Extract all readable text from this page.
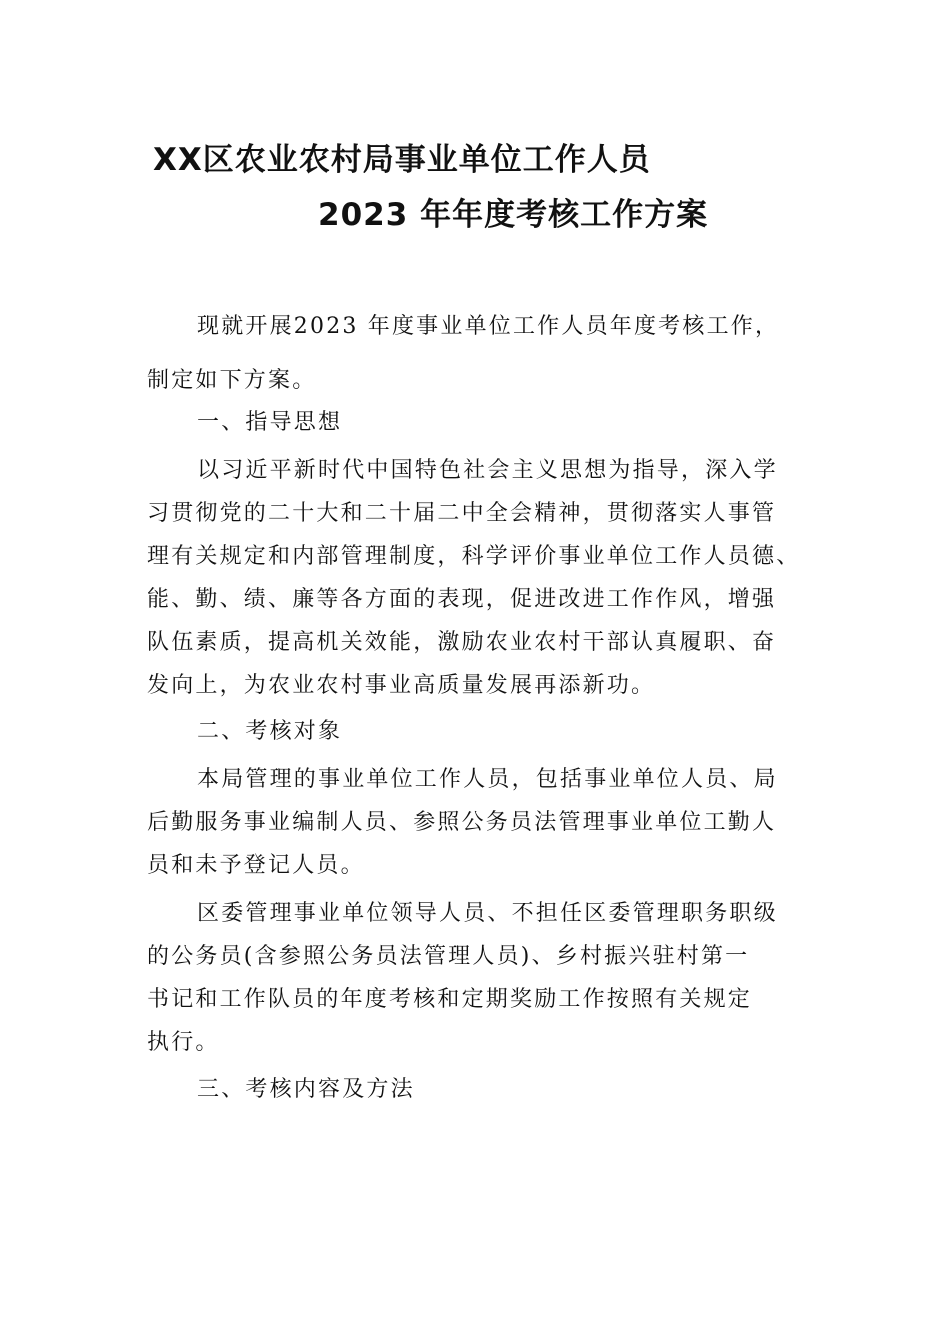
XX区农业农村局事业单位工作人员
2023 年年度考核工作方案
现就开展2023 年度事业单位工作人员年度考核工作，
制定如下方案。
一、指导思想
以习近平新时代中国特色社会主义思想为指导，深入学
习贯彻党的二十大和二十届二中全会精神，贯彻落实人事管
理有关规定和内部管理制度，科学评价事业单位工作人员德、
能、勤、绩、廉等各方面的表现，促进改进工作作风，增强
队伍素质，提高机关效能，激励农业农村干部认真履职、奋
发向上，为农业农村事业高质量发展再添新功。
二、考核对象
本局管理的事业单位工作人员，包括事业单位人员、局
后勤服务事业编制人员、参照公务员法管理事业单位工勤人
员和未予登记人员。
区委管理事业单位领导人员、不担任区委管理职务职级
的公务员(含参照公务员法管理人员)、乡村振兴驻村第一
书记和工作队员的年度考核和定期奖励工作按照有关规定
执行。
三、考核内容及方法
